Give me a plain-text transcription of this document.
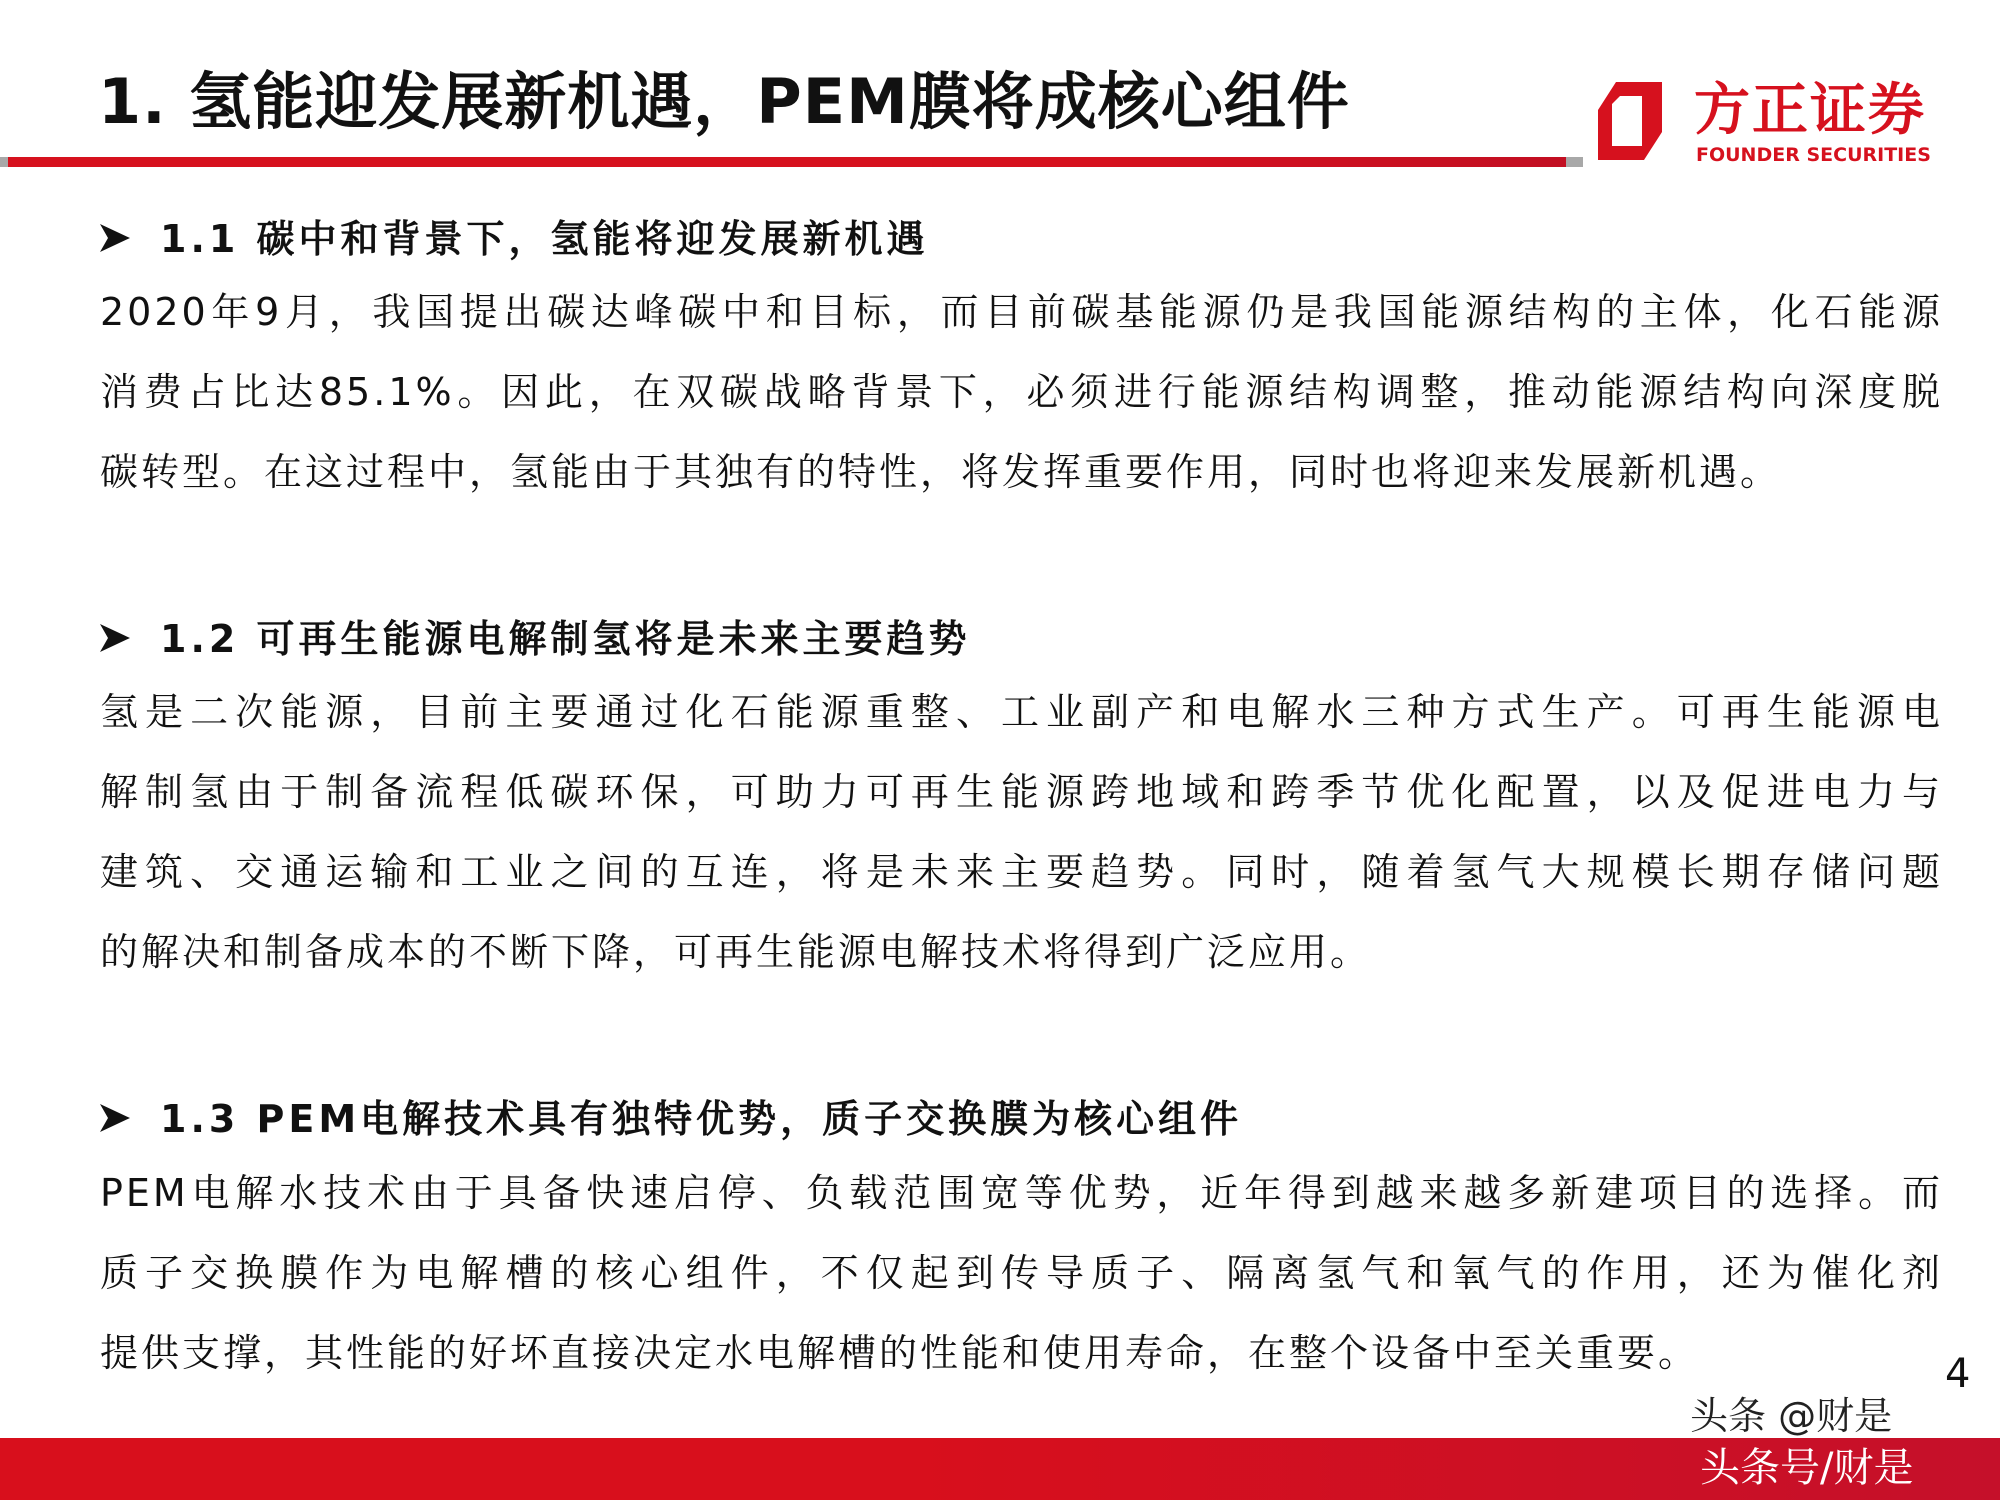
1. 氢能迎发展新机遇，PEM膜将成核心组件	方正证券
FOUNDER SECURITIES
1.1 碳中和背景下，氢能将迎发展新机遇
2020年9月，我国提出碳达峰碳中和目标，而目前碳基能源仍是我国能源结构的主体，化石能源
消费占比达85.1%。因此，在双碳战略背景下，必须进行能源结构调整，推动能源结构向深度脱
碳转型。在这过程中，氢能由于其独有的特性，将发挥重要作用，同时也将迎来发展新机遇。
1.2 可再生能源电解制氢将是未来主要趋势
氢是二次能源，目前主要通过化石能源重整、工业副产和电解水三种方式生产。可再生能源电
解制氢由于制备流程低碳环保，可助力可再生能源跨地域和跨季节优化配置，以及促进电力与
建筑、交通运输和工业之间的互连，将是未来主要趋势。同时，随着氢气大规模长期存储问题
的解决和制备成本的不断下降，可再生能源电解技术将得到广泛应用。
1.3 PEM电解技术具有独特优势，质子交换膜为核心组件
PEM电解水技术由于具备快速启停、负载范围宽等优势，近年得到越来越多新建项目的选择。而
质子交换膜作为电解槽的核心组件，不仅起到传导质子、隔离氢气和氧气的作用，还为催化剂
提供支撑，其性能的好坏直接决定水电解槽的性能和使用寿命，在整个设备中至关重要。	4
头条 @财是
头条号/财是
